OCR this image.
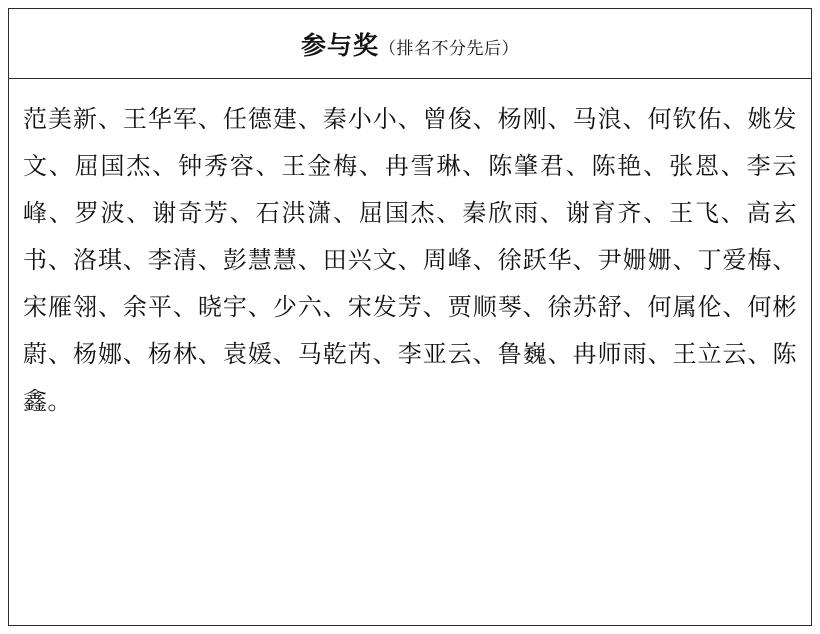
参与奖 （排名不分先后）

范美新、王华军、任德建、秦小小、曾俊、杨刚、马浪、何钦佑、姚发文、屈国杰、钟秀容、王金梅、冉雪琳、陈肇君、陈艳、张恩、李云峰、罗波、谢奇芳、石洪潇、屈国杰、秦欣雨、谢育齐、王飞、高玄书、洛琪、李清、彭慧慧、田兴文、周峰、徐跃华、尹姗姗、丁爱梅、宋雁翎、余平、晓宇、少六、宋发芳、贾顺琴、徐苏舒、何属伦、何彬蔚、杨娜、杨林、袁媛、马乾芮、李亚云、鲁巍、冉师雨、王立云、陈鑫。
